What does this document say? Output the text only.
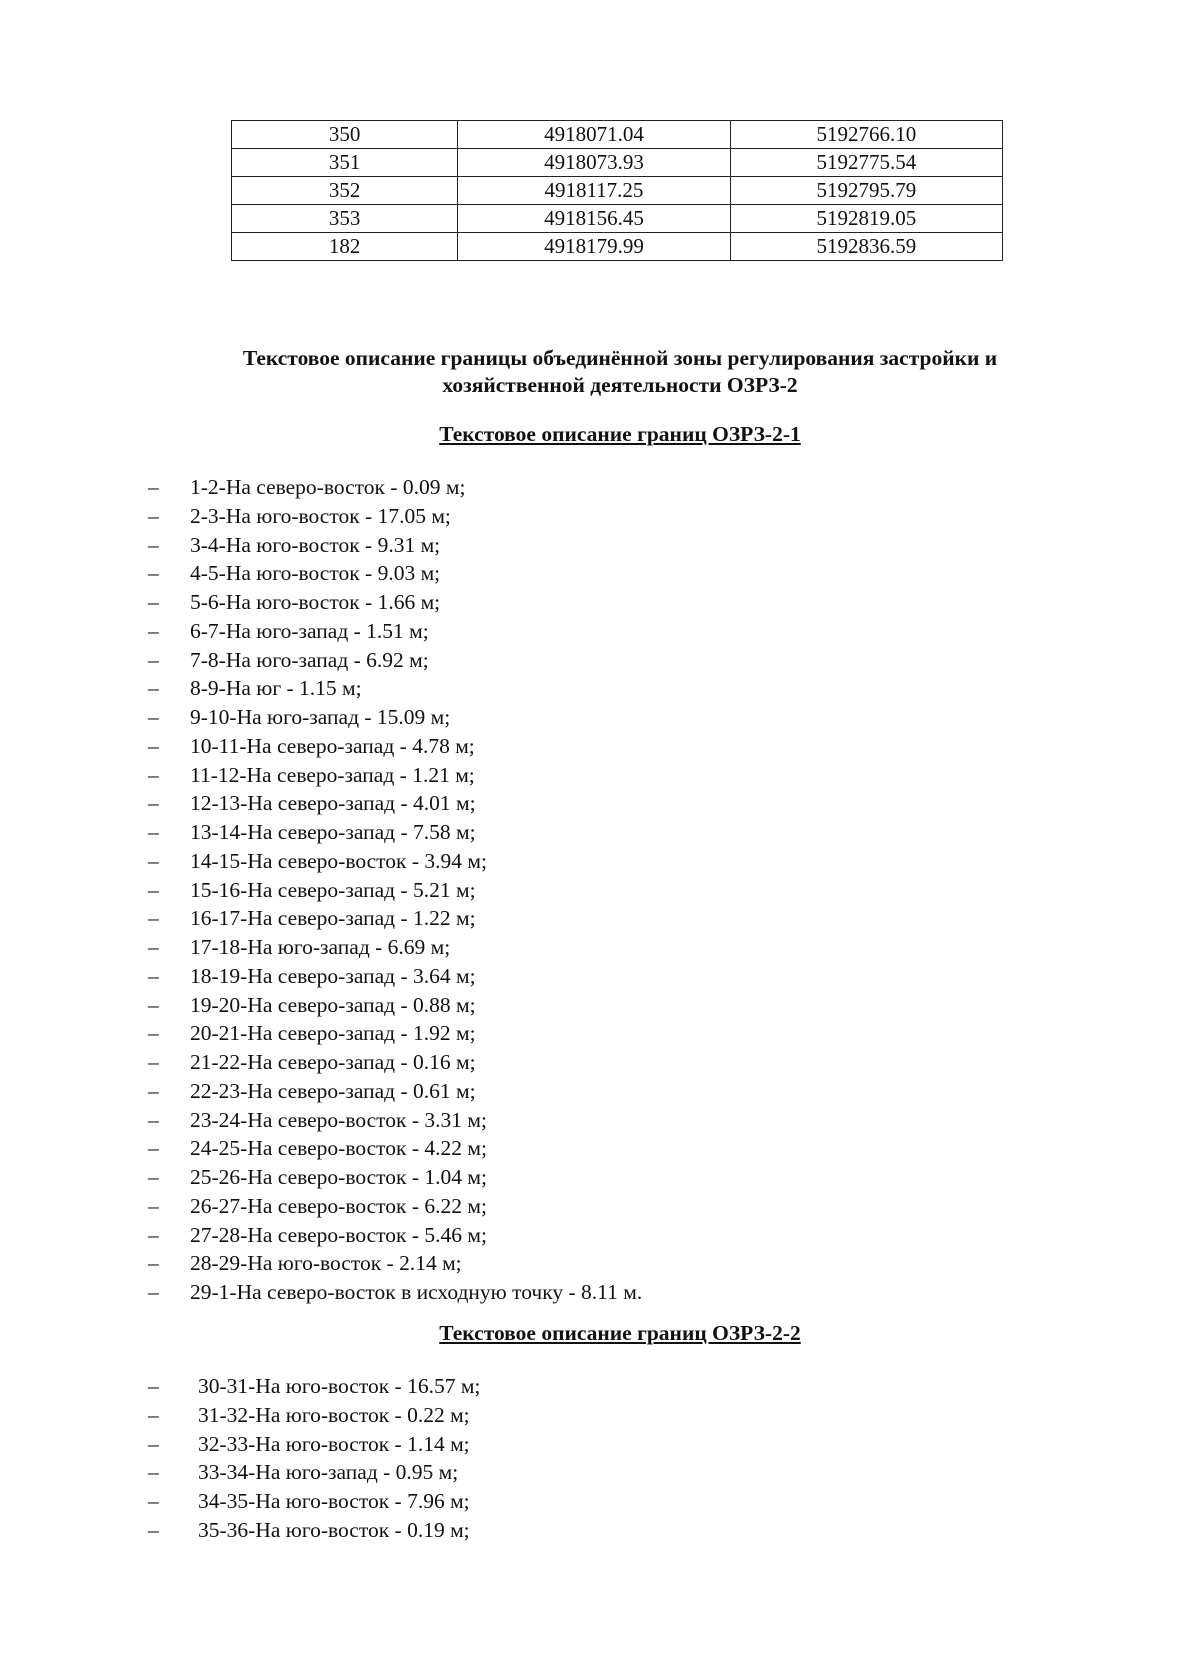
350	4918071.04	5192766.10
351	4918073.93	5192775.54
352	4918117.25	5192795.79
353	4918156.45	5192819.05
182	4918179.99	5192836.59
Текстовое описание границы объединённой зоны регулирования застройки и
хозяйственной деятельности ОЗРЗ-2
Текстовое описание границ ОЗРЗ-2-1
– 1-2-На северо-восток - 0.09 м;
– 2-3-На юго-восток - 17.05 м;
– 3-4-На юго-восток - 9.31 м;
– 4-5-На юго-восток - 9.03 м;
– 5-6-На юго-восток - 1.66 м;
– 6-7-На юго-запад - 1.51 м;
– 7-8-На юго-запад - 6.92 м;
– 8-9-На юг - 1.15 м;
– 9-10-На юго-запад - 15.09 м;
– 10-11-На северо-запад - 4.78 м;
– 11-12-На северо-запад - 1.21 м;
– 12-13-На северо-запад - 4.01 м;
– 13-14-На северо-запад - 7.58 м;
– 14-15-На северо-восток - 3.94 м;
– 15-16-На северо-запад - 5.21 м;
– 16-17-На северо-запад - 1.22 м;
– 17-18-На юго-запад - 6.69 м;
– 18-19-На северо-запад - 3.64 м;
– 19-20-На северо-запад - 0.88 м;
– 20-21-На северо-запад - 1.92 м;
– 21-22-На северо-запад - 0.16 м;
– 22-23-На северо-запад - 0.61 м;
– 23-24-На северо-восток - 3.31 м;
– 24-25-На северо-восток - 4.22 м;
– 25-26-На северо-восток - 1.04 м;
– 26-27-На северо-восток - 6.22 м;
– 27-28-На северо-восток - 5.46 м;
– 28-29-На юго-восток - 2.14 м;
– 29-1-На северо-восток в исходную точку - 8.11 м.
Текстовое описание границ ОЗРЗ-2-2
– 30-31-На юго-восток - 16.57 м;
– 31-32-На юго-восток - 0.22 м;
– 32-33-На юго-восток - 1.14 м;
– 33-34-На юго-запад - 0.95 м;
– 34-35-На юго-восток - 7.96 м;
– 35-36-На юго-восток - 0.19 м;
